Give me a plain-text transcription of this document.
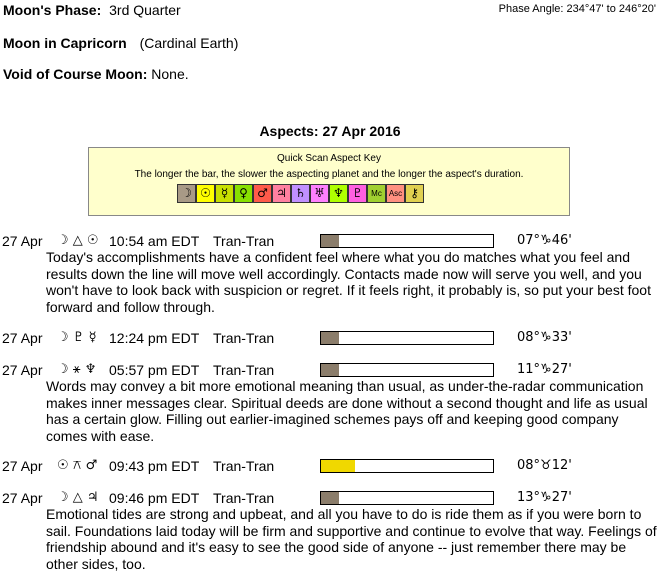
Moon's Phase: 3rd Quarter	Phase Angle: 234°47' to 246°20'
Moon in Capricorn (Cardinal Earth)
Void of Course Moon: None.
Aspects: 27 Apr 2016
Quick Scan Aspect Key
The longer the bar, the slower the aspecting planet and the longer the aspect's duration.
☽ ☉ ☿ ♀ ♂ ♃ ♄ ♅ ♆ ♇	Mc Asc ⚷
27 Apr ☽ △ ☉ 10:54 am EDT Tran-Tran	07°♑46'
Today's accomplishments have a confident feel where what you do matches what you feel and results down the line will move well accordingly. Contacts made now will serve you well, and you won't have to look back with suspicion or regret. If it feels right, it probably is, so put your best foot forward and follow through.
27 Apr ☽ ♇ ☿ 12:24 pm EDT Tran-Tran	08°♑33'
27 Apr ☽ ⚹ ♆ 05:57 pm EDT Tran-Tran	11°♑27'
Words may convey a bit more emotional meaning than usual, as under-the-radar communication makes inner messages clear. Spiritual deeds are done without a second thought and life as usual has a certain glow. Filling out earlier-imagined schemes pays off and keeping good company comes with ease.
27 Apr ☉ ⚻ ♂ 09:43 pm EDT Tran-Tran	08°♉12'
27 Apr ☽ △ ♃ 09:46 pm EDT Tran-Tran	13°♑27'
Emotional tides are strong and upbeat, and all you have to do is ride them as if you were born to sail. Foundations laid today will be firm and supportive and continue to evolve that way. Feelings of friendship abound and it's easy to see the good side of anyone -- just remember there may be other sides, too.
